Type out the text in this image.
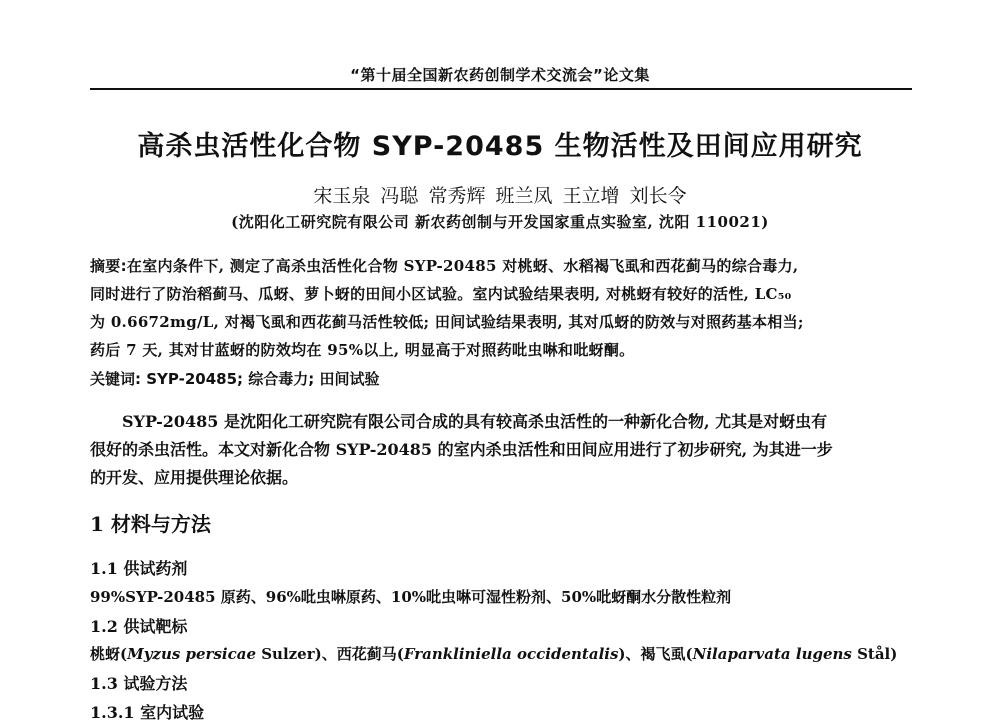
“第十届全国新农药创制学术交流会”论文集
高杀虫活性化合物 SYP-20485 生物活性及田间应用研究
宋玉泉 冯聪 常秀辉 班兰凤 王立增 刘长令
(沈阳化工研究院有限公司 新农药创制与开发国家重点实验室, 沈阳 110021)
摘要:在室内条件下, 测定了高杀虫活性化合物 SYP-20485 对桃蚜、水稻褐飞虱和西花蓟马的综合毒力,
同时进行了防治稻蓟马、瓜蚜、萝卜蚜的田间小区试验。室内试验结果表明, 对桃蚜有较好的活性, LC₅₀
为 0.6672mg/L, 对褐飞虱和西花蓟马活性较低; 田间试验结果表明, 其对瓜蚜的防效与对照药基本相当;
药后 7 天, 其对甘蓝蚜的防效均在 95%以上, 明显高于对照药吡虫啉和吡蚜酮。
关键词: SYP-20485; 综合毒力; 田间试验
SYP-20485 是沈阳化工研究院有限公司合成的具有较高杀虫活性的一种新化合物, 尤其是对蚜虫有
很好的杀虫活性。本文对新化合物 SYP-20485 的室内杀虫活性和田间应用进行了初步研究, 为其进一步
的开发、应用提供理论依据。
1 材料与方法
1.1 供试药剂
99%SYP-20485 原药、96%吡虫啉原药、10%吡虫啉可湿性粉剂、50%吡蚜酮水分散性粒剂
1.2 供试靶标
桃蚜(Myzus persicae Sulzer)、西花蓟马(Frankliniella occidentalis)、褐飞虱(Nilaparvata lugens Stål)
1.3 试验方法
1.3.1 室内试验
